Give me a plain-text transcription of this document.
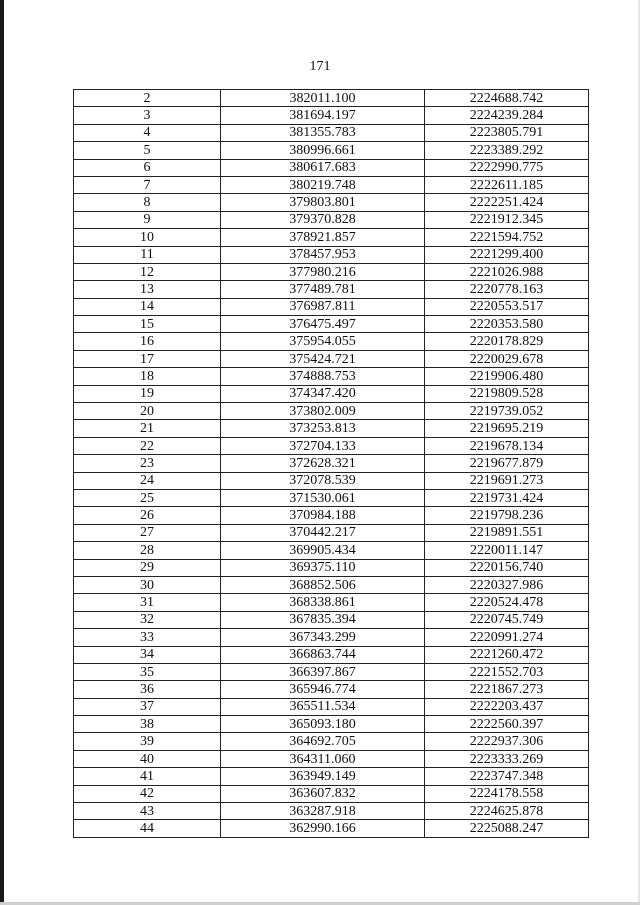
171
2	382011.100	2224688.742
3	381694.197	2224239.284
4	381355.783	2223805.791
5	380996.661	2223389.292
6	380617.683	2222990.775
7	380219.748	2222611.185
8	379803.801	2222251.424
9	379370.828	2221912.345
10	378921.857	2221594.752
11	378457.953	2221299.400
12	377980.216	2221026.988
13	377489.781	2220778.163
14	376987.811	2220553.517
15	376475.497	2220353.580
16	375954.055	2220178.829
17	375424.721	2220029.678
18	374888.753	2219906.480
19	374347.420	2219809.528
20	373802.009	2219739.052
21	373253.813	2219695.219
22	372704.133	2219678.134
23	372628.321	2219677.879
24	372078.539	2219691.273
25	371530.061	2219731.424
26	370984.188	2219798.236
27	370442.217	2219891.551
28	369905.434	2220011.147
29	369375.110	2220156.740
30	368852.506	2220327.986
31	368338.861	2220524.478
32	367835.394	2220745.749
33	367343.299	2220991.274
34	366863.744	2221260.472
35	366397.867	2221552.703
36	365946.774	2221867.273
37	365511.534	2222203.437
38	365093.180	2222560.397
39	364692.705	2222937.306
40	364311.060	2223333.269
41	363949.149	2223747.348
42	363607.832	2224178.558
43	363287.918	2224625.878
44	362990.166	2225088.247
